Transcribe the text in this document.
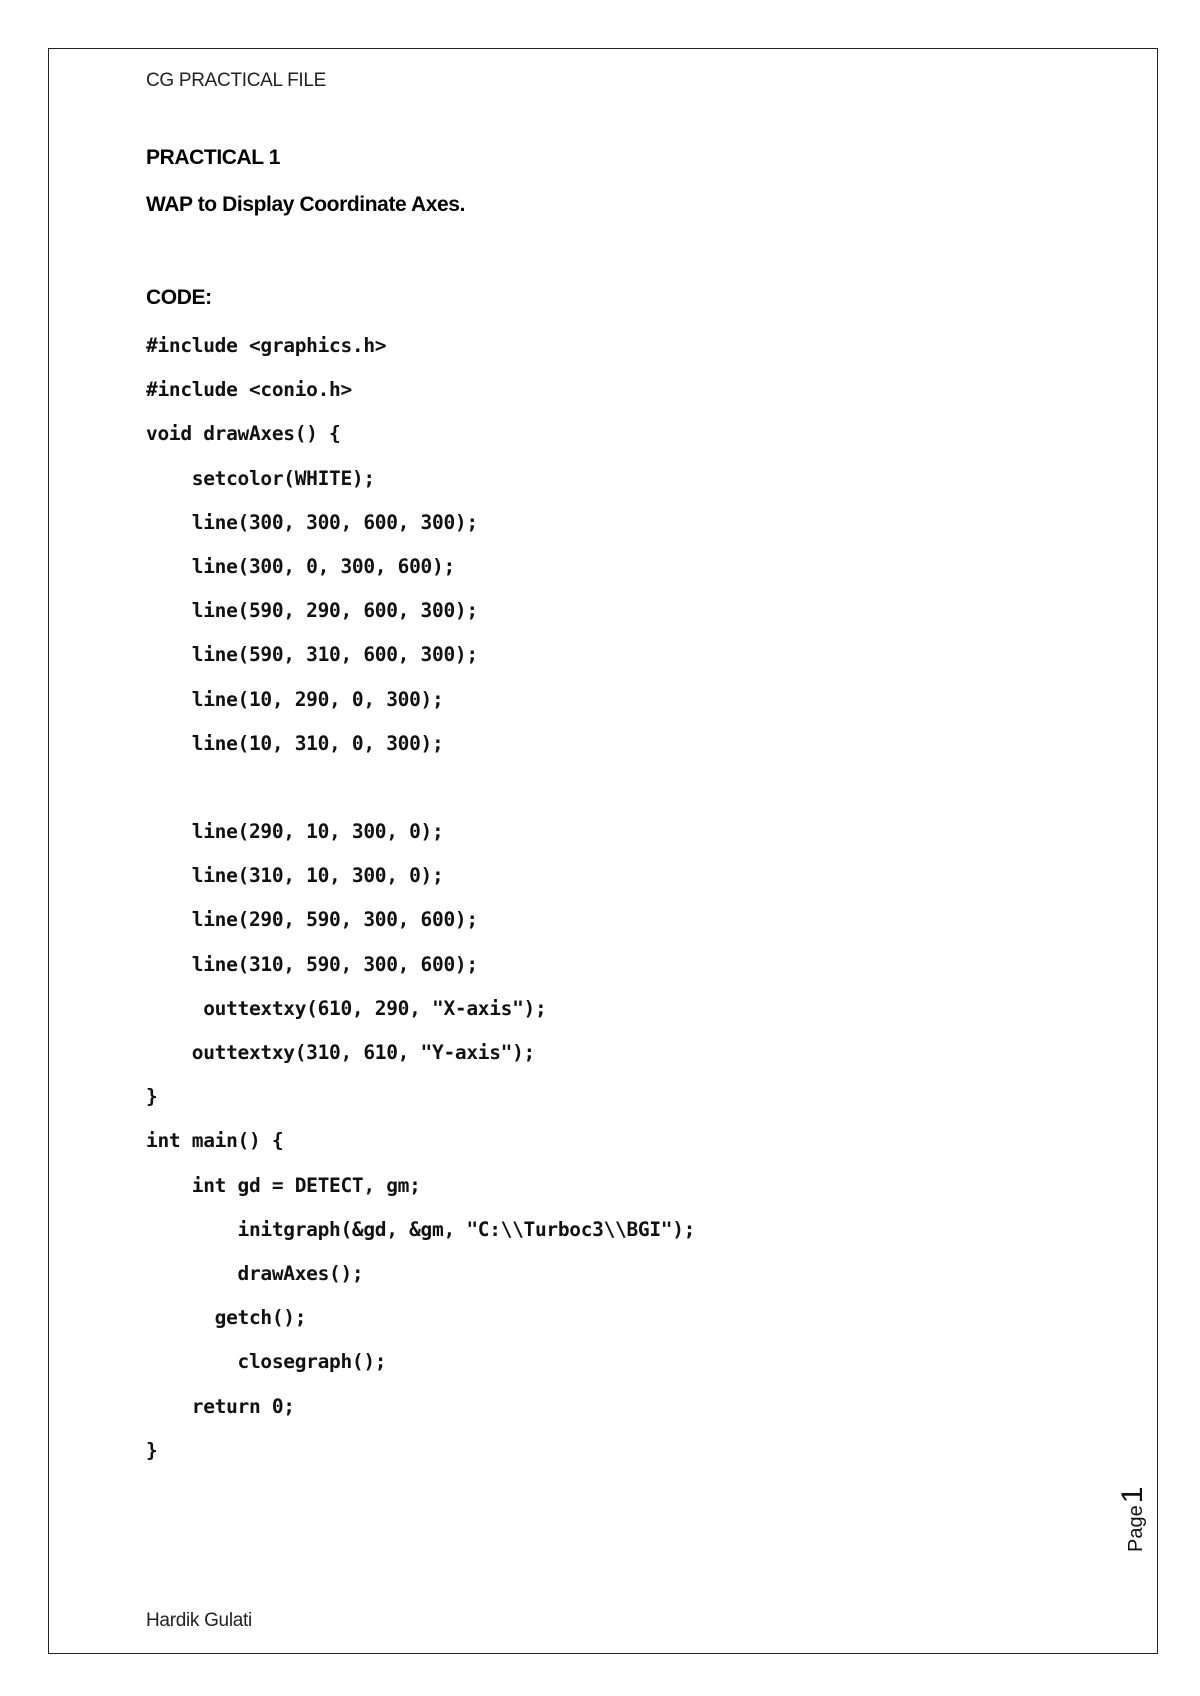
CG PRACTICAL FILE
PRACTICAL 1
WAP to Display Coordinate Axes.
CODE:
#include <graphics.h>
#include <conio.h>
void drawAxes() {
setcolor(WHITE);
line(300, 300, 600, 300);
line(300, 0, 300, 600);
line(590, 290, 600, 300);
line(590, 310, 600, 300);
line(10, 290, 0, 300);
line(10, 310, 0, 300);
line(290, 10, 300, 0);
line(310, 10, 300, 0);
line(290, 590, 300, 600);
line(310, 590, 300, 600);
outtextxy(610, 290, "X-axis");
outtextxy(310, 610, "Y-axis");
}
int main() {
int gd = DETECT, gm;
initgraph(&gd, &gm, "C:\\Turboc3\\BGI");
drawAxes();
getch();
closegraph();
return 0;
}
Page1
Hardik Gulati
